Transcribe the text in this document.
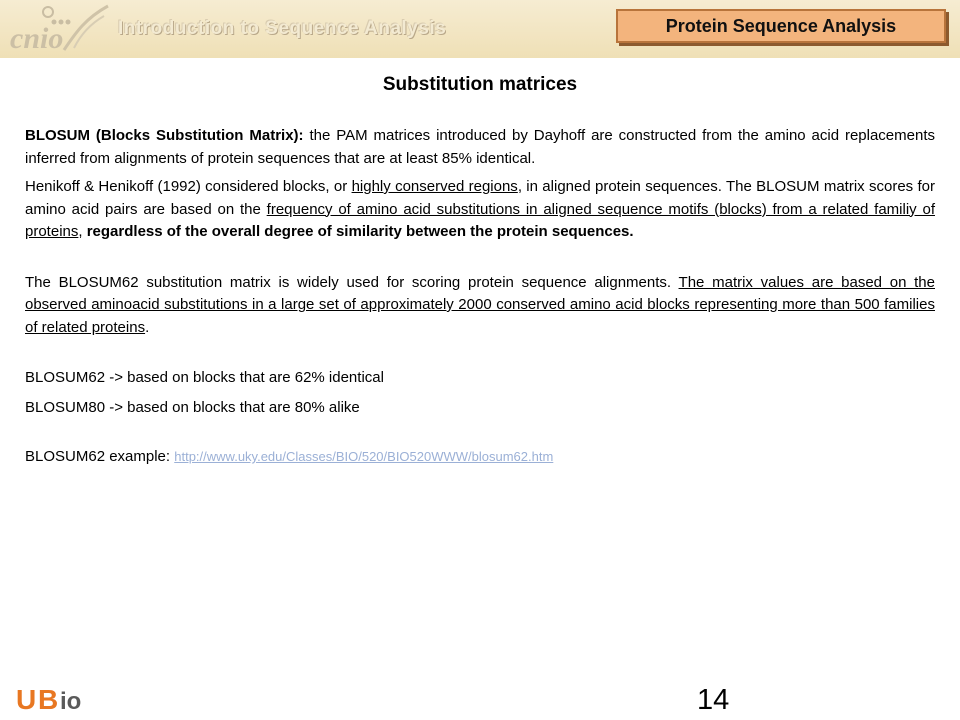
cnio	Introduction to Sequence Analysis	Protein Sequence Analysis
Substitution matrices

BLOSUM (Blocks Substitution Matrix): the PAM matrices introduced by Dayhoff are constructed from the amino acid replacements inferred from alignments of protein sequences that are at least 85% identical.

Henikoff & Henikoff (1992) considered blocks, or highly conserved regions, in aligned protein sequences. The BLOSUM matrix scores for amino acid pairs are based on the frequency of amino acid substitutions in aligned sequence motifs (blocks) from a related familiy of proteins, regardless of the overall degree of similarity between the protein sequences.

The BLOSUM62 substitution matrix is widely used for scoring protein sequence alignments. The matrix values are based on the observed aminoacid substitutions in a large set of approximately 2000 conserved amino acid blocks representing more than 500 families of related proteins.

BLOSUM62 -> based on blocks that are 62% identical

BLOSUM80 -> based on blocks that are 80% alike

BLOSUM62 example: http://www.uky.edu/Classes/BIO/520/BIO520WWW/blosum62.htm

U B io	14
